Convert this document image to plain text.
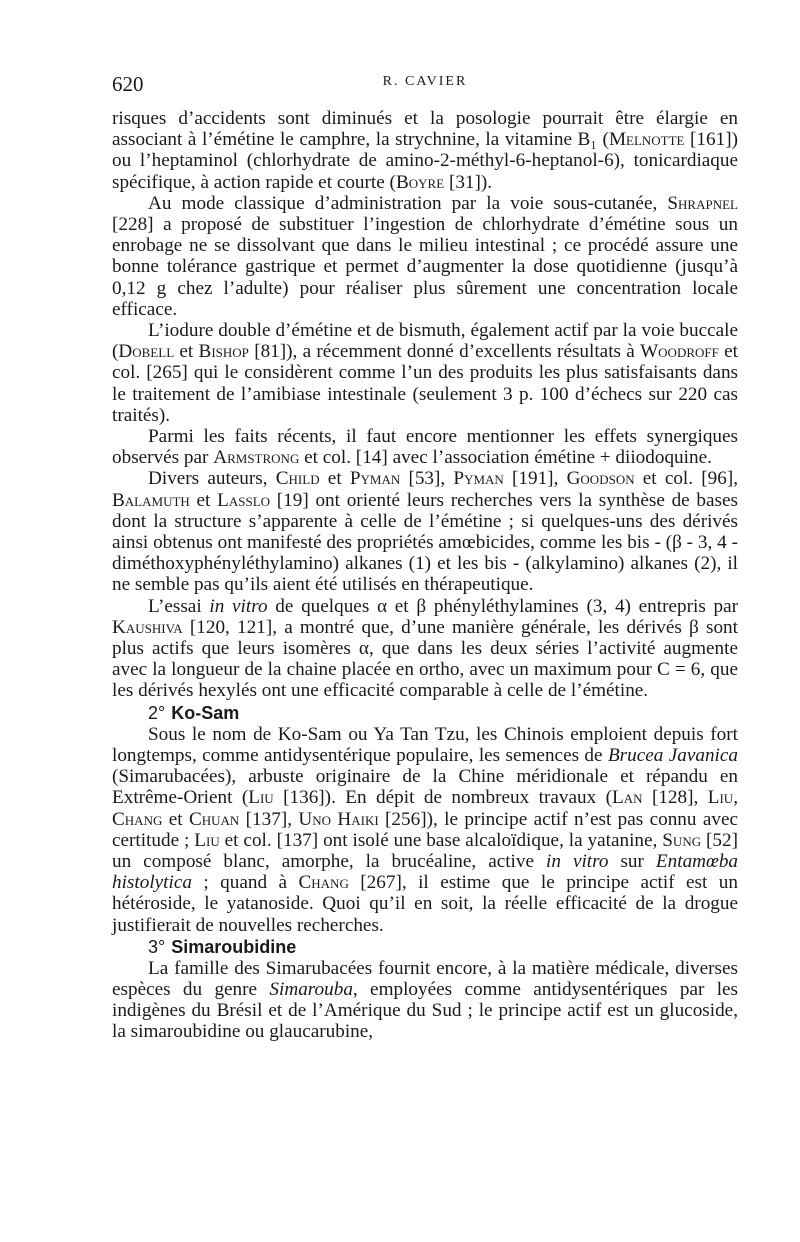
620	R. CAVIER

risques d’accidents sont diminués et la posologie pourrait être élargie en associant à l’émétine le camphre, la strychnine, la vitamine B₁ (Melnotte [161]) ou l’heptaminol (chlorhydrate de amino-2-méthyl-6-heptanol-6), tonicardiaque spécifique, à action rapide et courte (Boyre [31]).

Au mode classique d’administration par la voie sous-cutanée, Shrapnel [228] a proposé de substituer l’ingestion de chlorhydrate d’émétine sous un enrobage ne se dissolvant que dans le milieu intestinal ; ce procédé assure une bonne tolérance gastrique et permet d’augmenter la dose quotidienne (jusqu’à 0,12 g chez l’adulte) pour réaliser plus sûrement une concentration locale efficace.

L’iodure double d’émétine et de bismuth, également actif par la voie buccale (Dobell et Bishop [81]), a récemment donné d’excellents résultats à Woodroff et col. [265] qui le considèrent comme l’un des produits les plus satisfaisants dans le traitement de l’amibiase intestinale (seulement 3 p. 100 d’échecs sur 220 cas traités).

Parmi les faits récents, il faut encore mentionner les effets synergiques observés par Armstrong et col. [14] avec l’association émétine + diiodoquine.

Divers auteurs, Child et Pyman [53], Pyman [191], Goodson et col. [96], Balamuth et Lasslo [19] ont orienté leurs recherches vers la synthèse de bases dont la structure s’apparente à celle de l’émétine ; si quelques-uns des dérivés ainsi obtenus ont manifesté des propriétés amœbicides, comme les bis - (β - 3, 4 - diméthoxyphényléthylamino) alkanes (1) et les bis - (alkylamino) alkanes (2), il ne semble pas qu’ils aient été utilisés en thérapeutique.

L’essai in vitro de quelques α et β phényléthylamines (3, 4) entrepris par Kaushiva [120, 121], a montré que, d’une manière générale, les dérivés β sont plus actifs que leurs isomères α, que dans les deux séries l’activité augmente avec la longueur de la chaine placée en ortho, avec un maximum pour C = 6, que les dérivés hexylés ont une efficacité comparable à celle de l’émétine.

2° Ko-Sam

Sous le nom de Ko-Sam ou Ya Tan Tzu, les Chinois emploient depuis fort longtemps, comme antidysentérique populaire, les semences de Brucea Javanica (Simarubacées), arbuste originaire de la Chine méridionale et répandu en Extrême-Orient (Liu [136]). En dépit de nombreux travaux (Lan [128], Liu, Chang et Chuan [137], Uno Haiki [256]), le principe actif n’est pas connu avec certitude ; Liu et col. [137] ont isolé une base alcaloïdique, la yatanine, Sung [52] un composé blanc, amorphe, la brucéaline, active in vitro sur Entamœba histolytica ; quand à Chang [267], il estime que le principe actif est un hétéroside, le yatanoside. Quoi qu’il en soit, la réelle efficacité de la drogue justifierait de nouvelles recherches.

3° Simaroubidine

La famille des Simarubacées fournit encore, à la matière médicale, diverses espèces du genre Simarouba, employées comme antidysentériques par les indigènes du Brésil et de l’Amérique du Sud ; le principe actif est un glucoside, la simaroubidine ou glaucarubine,
